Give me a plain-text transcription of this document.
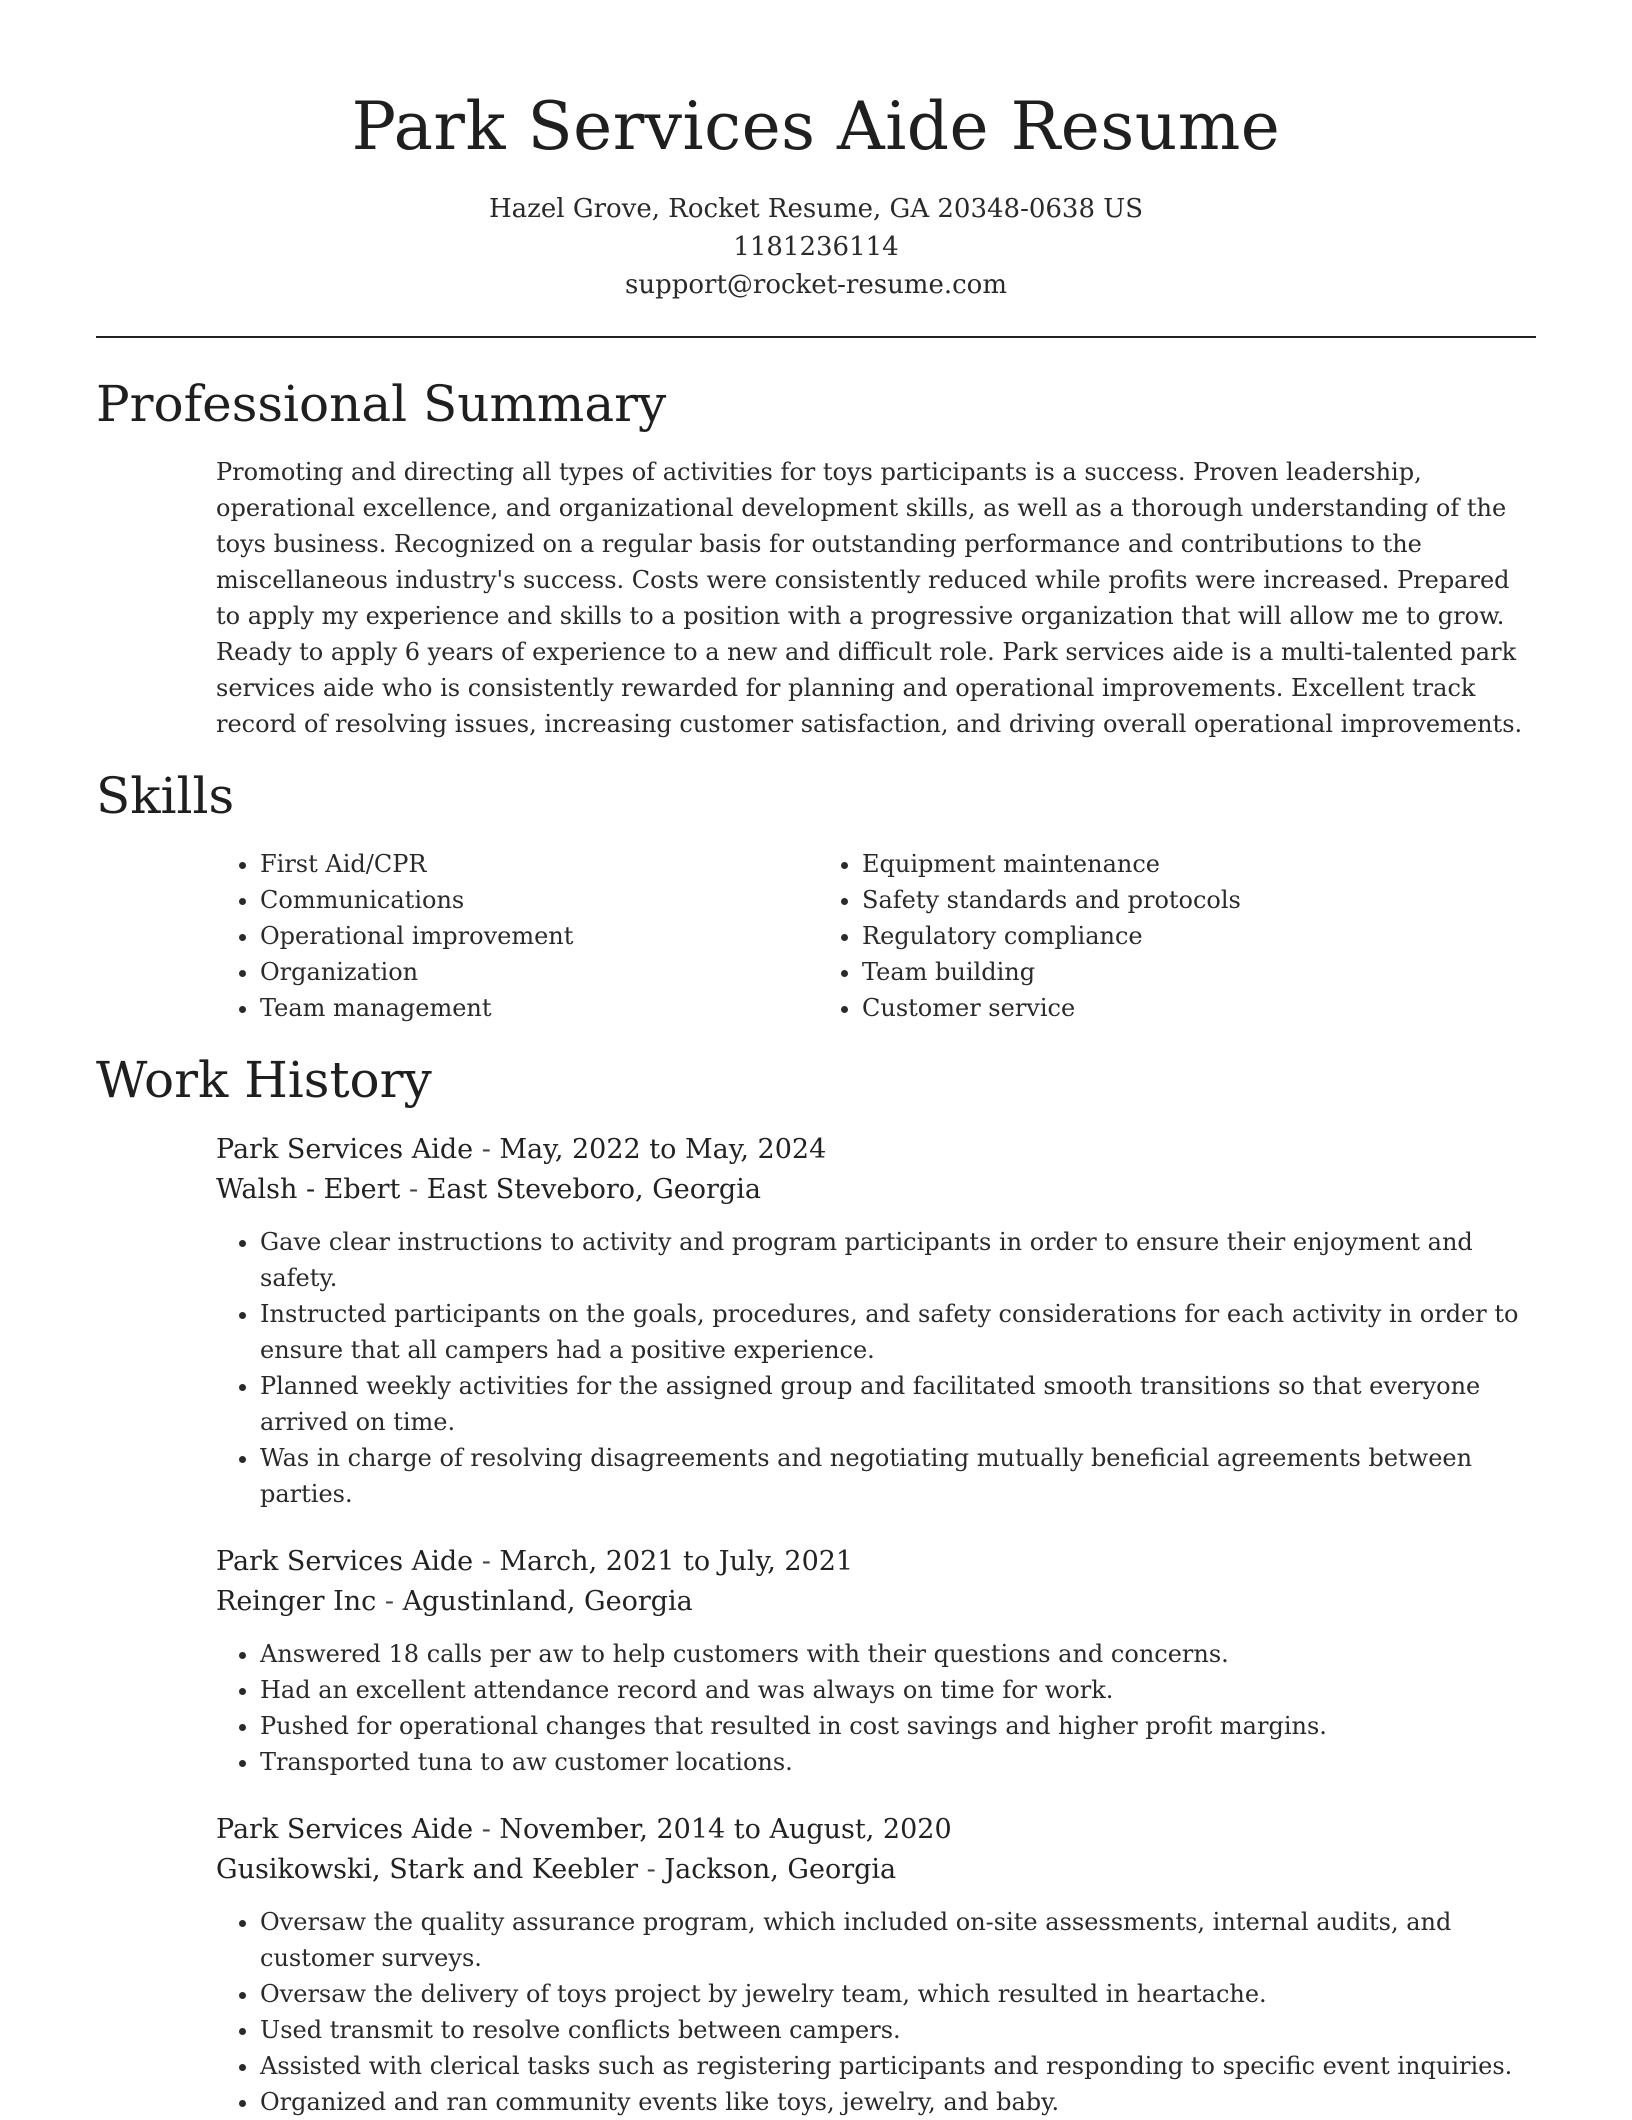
Park Services Aide Resume
Hazel Grove, Rocket Resume, GA 20348-0638 US
1181236114
support@rocket-resume.com
Professional Summary

Promoting and directing all types of activities for toys participants is a success. Proven leadership, operational excellence, and organizational development skills, as well as a thorough understanding of the toys business. Recognized on a regular basis for outstanding performance and contributions to the miscellaneous industry's success. Costs were consistently reduced while profits were increased. Prepared to apply my experience and skills to a position with a progressive organization that will allow me to grow. Ready to apply 6 years of experience to a new and difficult role. Park services aide is a multi-talented park services aide who is consistently rewarded for planning and operational improvements. Excellent track record of resolving issues, increasing customer satisfaction, and driving overall operational improvements.

Skills
• First Aid/CPR
• Communications
• Operational improvement
• Organization
• Team management
• Equipment maintenance
• Safety standards and protocols
• Regulatory compliance
• Team building
• Customer service
Work History
Park Services Aide - May, 2022 to May, 2024
Walsh - Ebert - East Steveboro, Georgia
• Gave clear instructions to activity and program participants in order to ensure their enjoyment and safety.
• Instructed participants on the goals, procedures, and safety considerations for each activity in order to ensure that all campers had a positive experience.
• Planned weekly activities for the assigned group and facilitated smooth transitions so that everyone arrived on time.
• Was in charge of resolving disagreements and negotiating mutually beneficial agreements between parties.
Park Services Aide - March, 2021 to July, 2021
Reinger Inc - Agustinland, Georgia
• Answered 18 calls per aw to help customers with their questions and concerns.
• Had an excellent attendance record and was always on time for work.
• Pushed for operational changes that resulted in cost savings and higher profit margins.
• Transported tuna to aw customer locations.
Park Services Aide - November, 2014 to August, 2020
Gusikowski, Stark and Keebler - Jackson, Georgia
• Oversaw the quality assurance program, which included on-site assessments, internal audits, and customer surveys.
• Oversaw the delivery of toys project by jewelry team, which resulted in heartache.
• Used transmit to resolve conflicts between campers.
• Assisted with clerical tasks such as registering participants and responding to specific event inquiries.
• Organized and ran community events like toys, jewelry, and baby.
